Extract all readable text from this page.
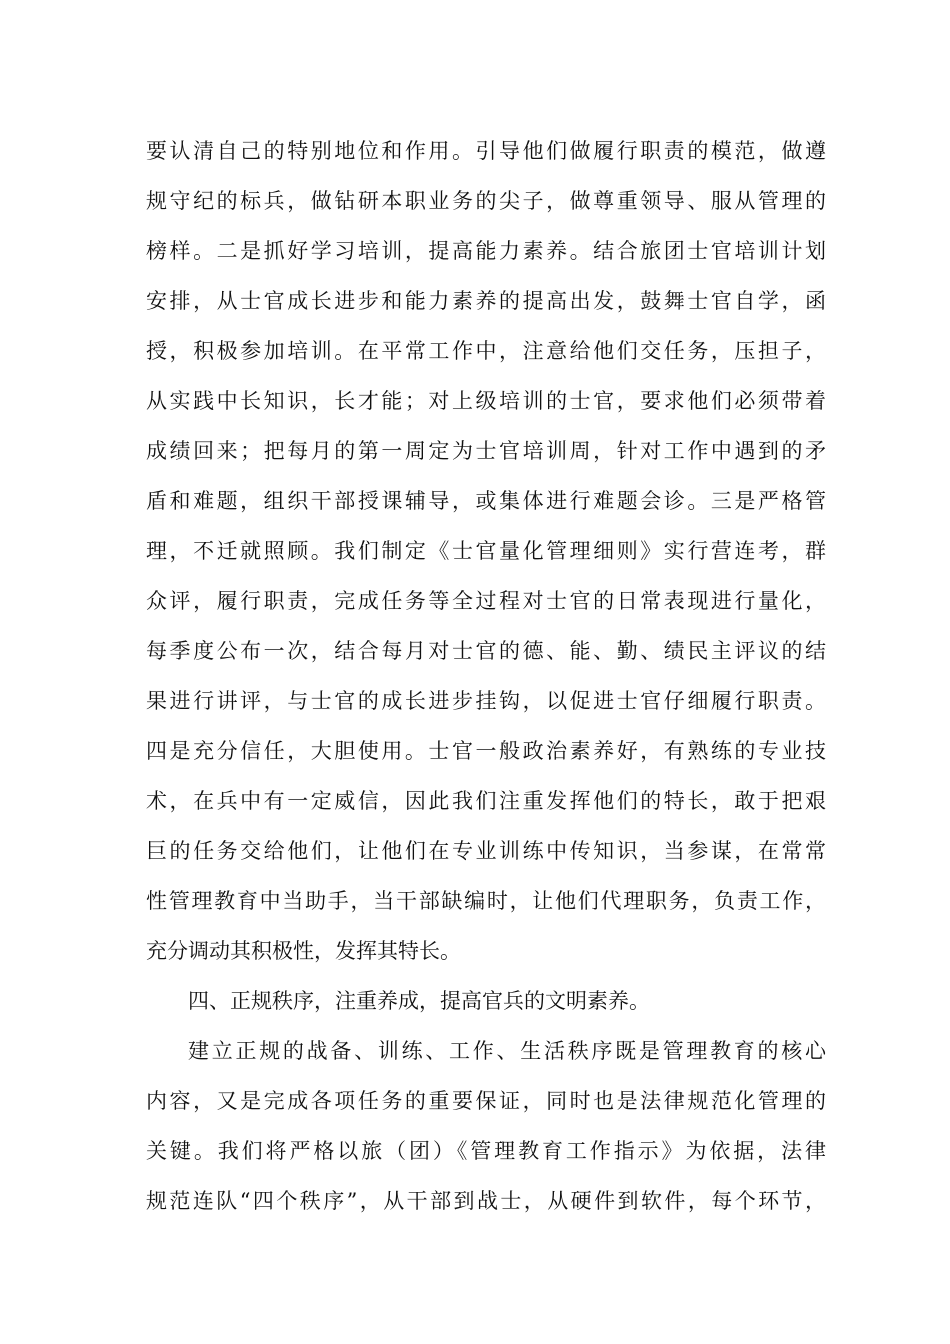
要认清自己的特别地位和作用。引导他们做履行职责的模范，做遵
规守纪的标兵，做钻研本职业务的尖子，做尊重领导、服从管理的
榜样。二是抓好学习培训，提高能力素养。结合旅团士官培训计划
安排，从士官成长进步和能力素养的提高出发，鼓舞士官自学，函
授，积极参加培训。在平常工作中，注意给他们交任务，压担子，
从实践中长知识，长才能；对上级培训的士官，要求他们必须带着
成绩回来；把每月的第一周定为士官培训周，针对工作中遇到的矛
盾和难题，组织干部授课辅导，或集体进行难题会诊。三是严格管
理，不迁就照顾。我们制定《士官量化管理细则》实行营连考，群
众评，履行职责，完成任务等全过程对士官的日常表现进行量化，
每季度公布一次，结合每月对士官的德、能、勤、绩民主评议的结
果进行讲评，与士官的成长进步挂钩，以促进士官仔细履行职责。
四是充分信任，大胆使用。士官一般政治素养好，有熟练的专业技
术，在兵中有一定威信，因此我们注重发挥他们的特长，敢于把艰
巨的任务交给他们，让他们在专业训练中传知识，当参谋，在常常
性管理教育中当助手，当干部缺编时，让他们代理职务，负责工作，
充分调动其积极性，发挥其特长。
四、正规秩序，注重养成，提高官兵的文明素养。
建立正规的战备、训练、工作、生活秩序既是管理教育的核心
内容，又是完成各项任务的重要保证，同时也是法律规范化管理的
关键。我们将严格以旅（团）《管理教育工作指示》为依据，法律
规范连队“四个秩序”，从干部到战士，从硬件到软件，每个环节，
